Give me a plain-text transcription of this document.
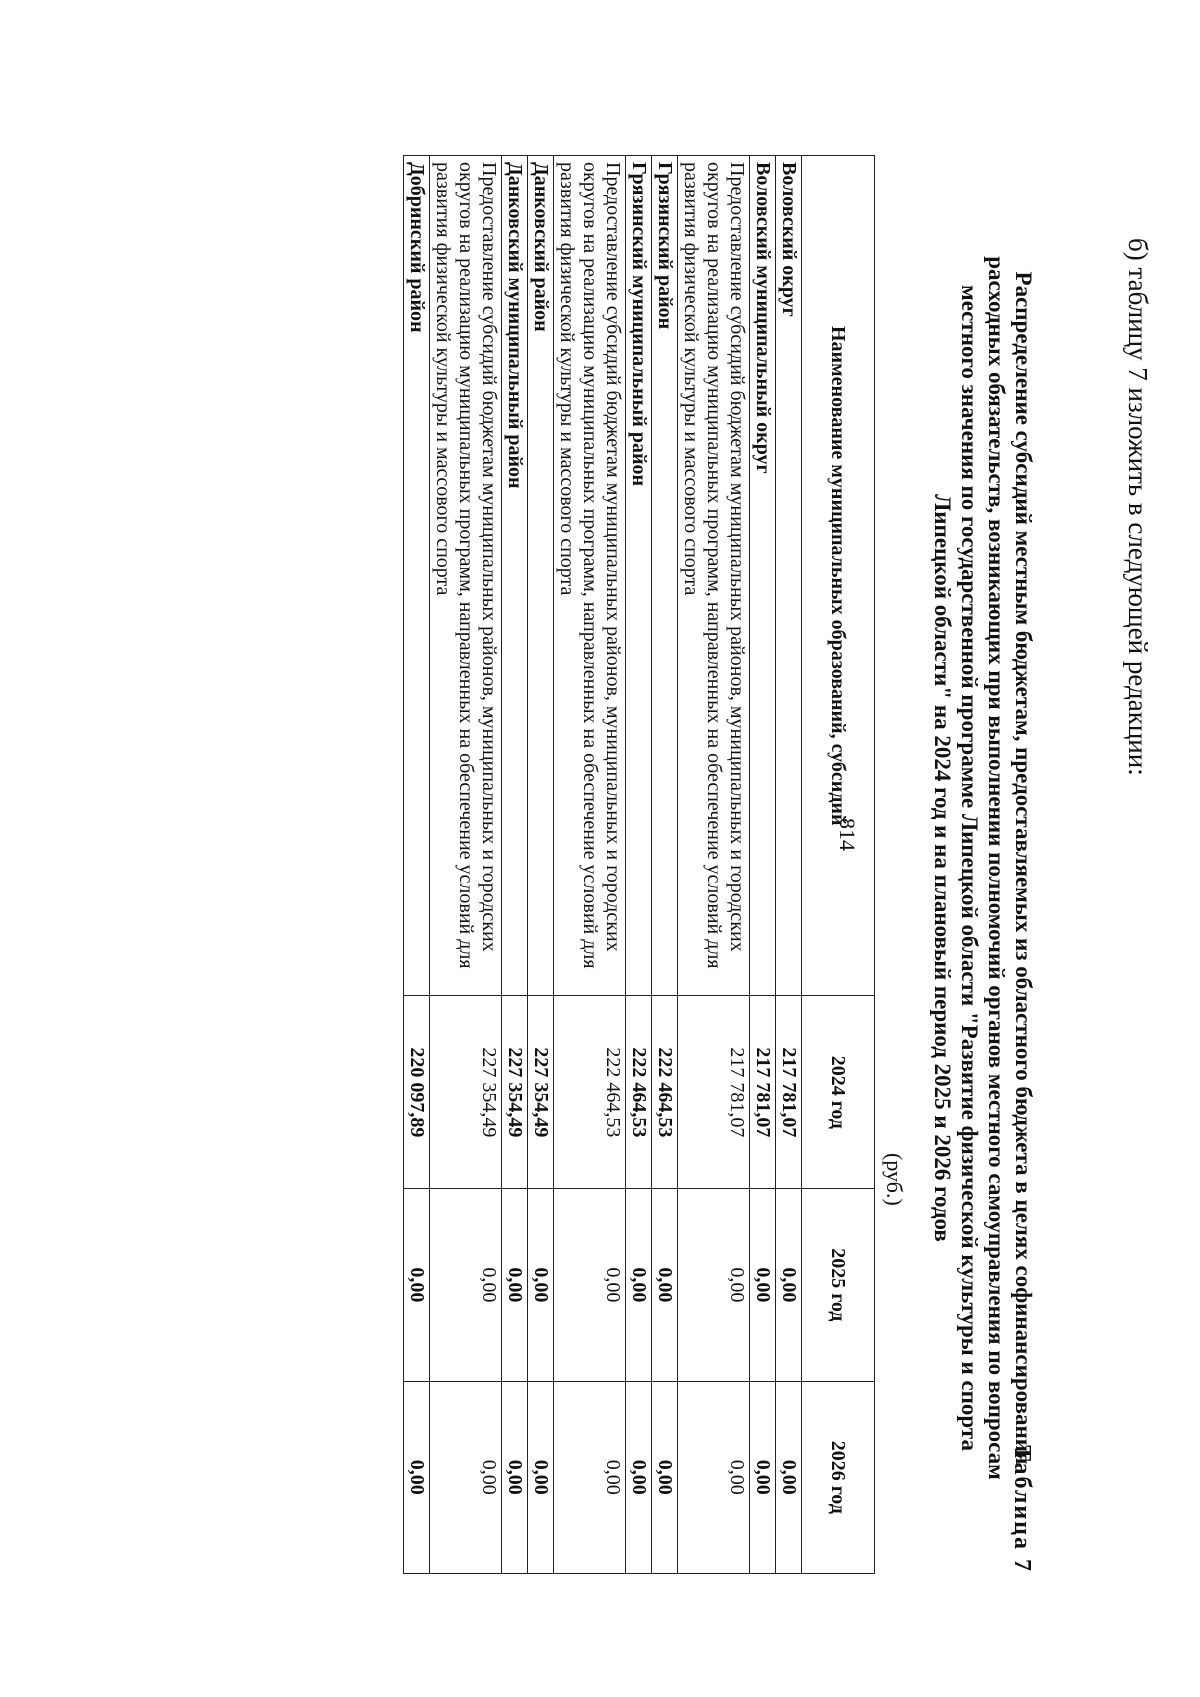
б) таблицу 7 изложить в следующей редакции:
814
Таблица 7
Распределение субсидий местным бюджетам, предоставляемых из областного бюджета в целях софинансирования расходных обязательств, возникающих при выполнении полномочий органов местного самоуправления по вопросам местного значения по государственной программе Липецкой области "Развитие физической культуры и спорта Липецкой области" на 2024 год и на плановый период 2025 и 2026 годов
(руб.)
Наименование муниципальных образований, субсидий	2024 год	2025 год	2026 год
Воловский округ	217 781,07	0,00	0,00
Воловский муниципальный округ	217 781,07	0,00	0,00
Предоставление субсидий бюджетам муниципальных районов, муниципальных и городских округов на реализацию муниципальных программ, направленных на обеспечение условий для развития физической культуры и массового спорта	217 781,07	0,00	0,00
Грязинский район	222 464,53	0,00	0,00
Грязинский муниципальный район	222 464,53	0,00	0,00
Предоставление субсидий бюджетам муниципальных районов, муниципальных и городских округов на реализацию муниципальных программ, направленных на обеспечение условий для развития физической культуры и массового спорта	222 464,53	0,00	0,00
Данковский район	227 354,49	0,00	0,00
Данковский муниципальный район	227 354,49	0,00	0,00
Предоставление субсидий бюджетам муниципальных районов, муниципальных и городских округов на реализацию муниципальных программ, направленных на обеспечение условий для развития физической культуры и массового спорта	227 354,49	0,00	0,00
Добринский район	220 097,89	0,00	0,00
